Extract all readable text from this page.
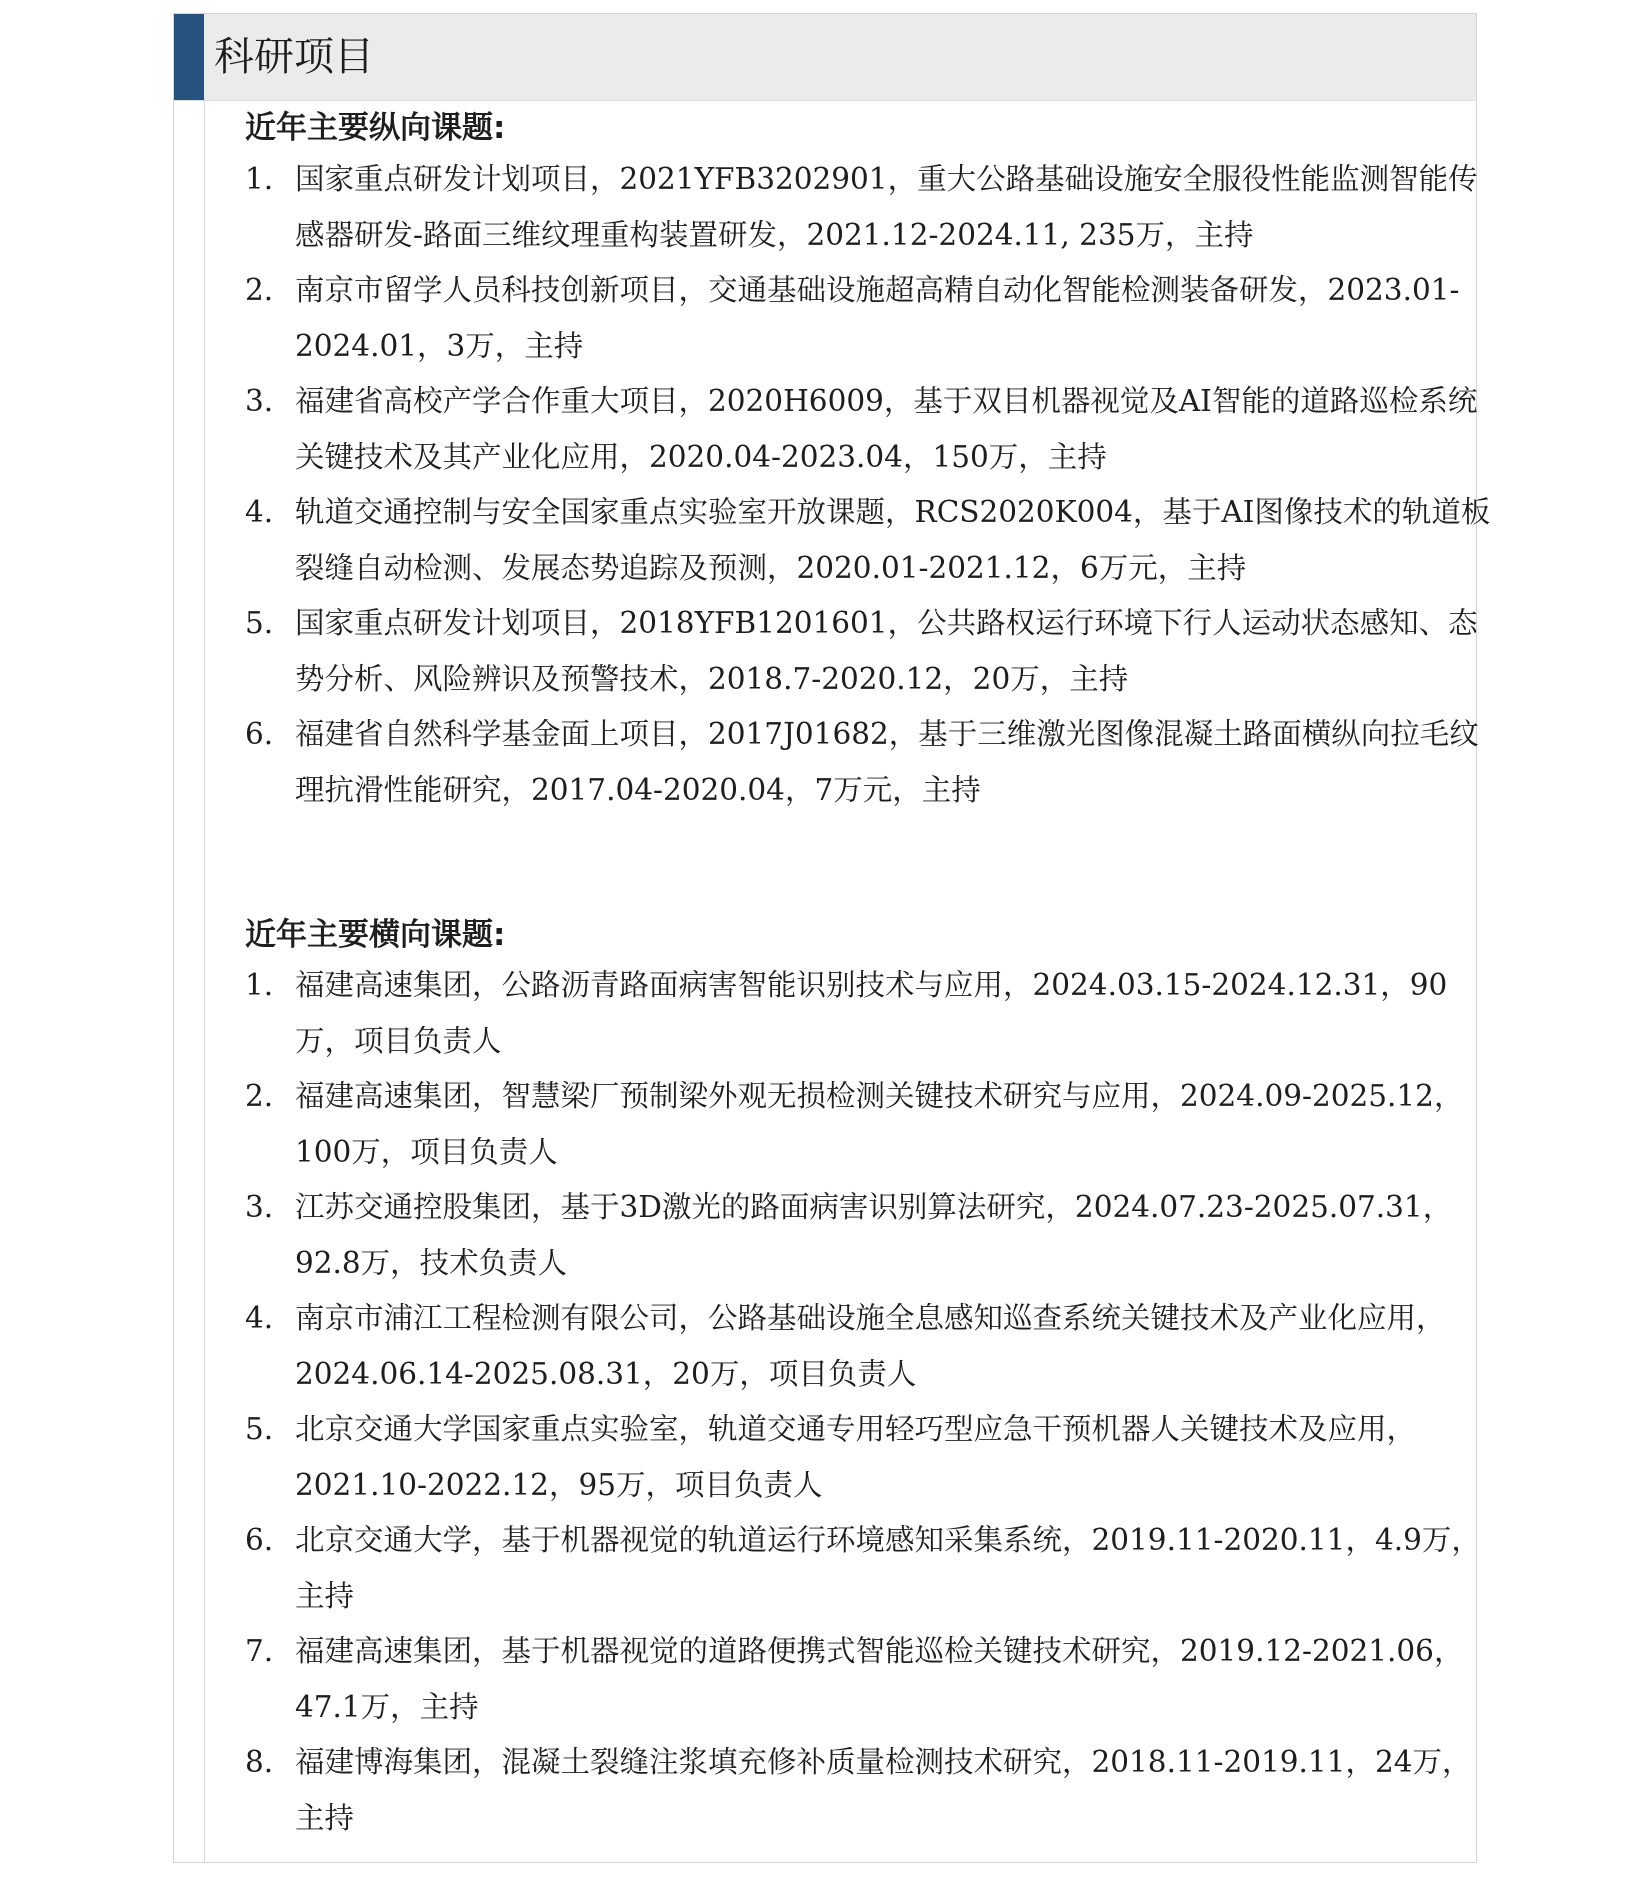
科研项目
近年主要纵向课题:
1. 国家重点研发计划项目，2021YFB3202901，重大公路基础设施安全服役性能监测智能传感器研发-路面三维纹理重构装置研发，2021.12-2024.11, 235万，主持
2. 南京市留学人员科技创新项目，交通基础设施超高精自动化智能检测装备研发，2023.01-2024.01，3万，主持
3. 福建省高校产学合作重大项目，2020H6009，基于双目机器视觉及AI智能的道路巡检系统关键技术及其产业化应用，2020.04-2023.04，150万，主持
4. 轨道交通控制与安全国家重点实验室开放课题，RCS2020K004，基于AI图像技术的轨道板裂缝自动检测、发展态势追踪及预测，2020.01-2021.12，6万元，主持
5. 国家重点研发计划项目，2018YFB1201601，公共路权运行环境下行人运动状态感知、态势分析、风险辨识及预警技术，2018.7-2020.12，20万，主持
6. 福建省自然科学基金面上项目，2017J01682，基于三维激光图像混凝土路面横纵向拉毛纹理抗滑性能研究，2017.04-2020.04，7万元，主持
近年主要横向课题:
1. 福建高速集团，公路沥青路面病害智能识别技术与应用，2024.03.15-2024.12.31，90万，项目负责人
2. 福建高速集团，智慧梁厂预制梁外观无损检测关键技术研究与应用，2024.09-2025.12，100万，项目负责人
3. 江苏交通控股集团，基于3D激光的路面病害识别算法研究，2024.07.23-2025.07.31，92.8万，技术负责人
4. 南京市浦江工程检测有限公司，公路基础设施全息感知巡查系统关键技术及产业化应用，2024.06.14-2025.08.31，20万，项目负责人
5. 北京交通大学国家重点实验室，轨道交通专用轻巧型应急干预机器人关键技术及应用，2021.10-2022.12，95万，项目负责人
6. 北京交通大学，基于机器视觉的轨道运行环境感知采集系统，2019.11-2020.11，4.9万，主持
7. 福建高速集团，基于机器视觉的道路便携式智能巡检关键技术研究，2019.12-2021.06，47.1万，主持
8. 福建博海集团，混凝土裂缝注浆填充修补质量检测技术研究，2018.11-2019.11，24万，主持
